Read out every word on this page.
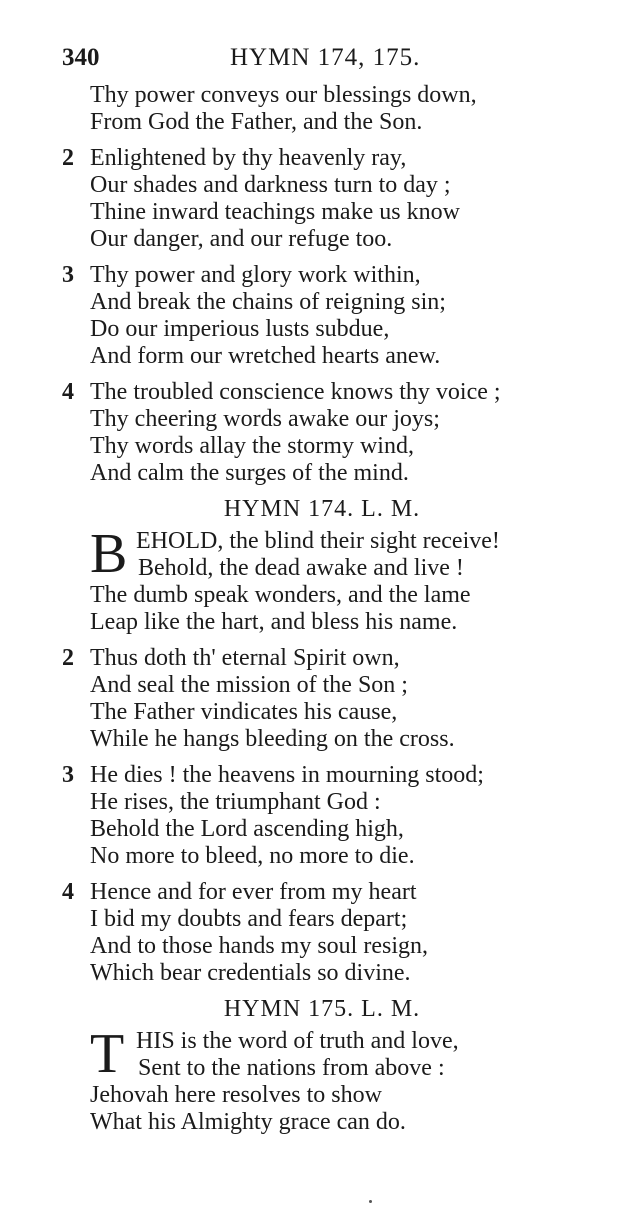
340	HYMN 174, 175.
Thy power conveys our blessings down,
From God the Father, and the Son.
2 Enlightened by thy heavenly ray,
Our shades and darkness turn to day ;
Thine inward teachings make us know
Our danger, and our refuge too.
3 Thy power and glory work within,
And break the chains of reigning sin;
Do our imperious lusts subdue,
And form our wretched hearts anew.
4 The troubled conscience knows thy voice ;
Thy cheering words awake our joys;
Thy words allay the stormy wind,
And calm the surges of the mind.
HYMN 174. L. M.
B EHOLD, the blind their sight receive!
Behold, the dead awake and live !
The dumb speak wonders, and the lame
Leap like the hart, and bless his name.
2 Thus doth th' eternal Spirit own,
And seal the mission of the Son ;
The Father vindicates his cause,
While he hangs bleeding on the cross.
3 He dies ! the heavens in mourning stood;
He rises, the triumphant God :
Behold the Lord ascending high,
No more to bleed, no more to die.
4 Hence and for ever from my heart
I bid my doubts and fears depart;
And to those hands my soul resign,
Which bear credentials so divine.
HYMN 175. L. M.
T HIS is the word of truth and love,
Sent to the nations from above :
Jehovah here resolves to show
What his Almighty grace can do.
